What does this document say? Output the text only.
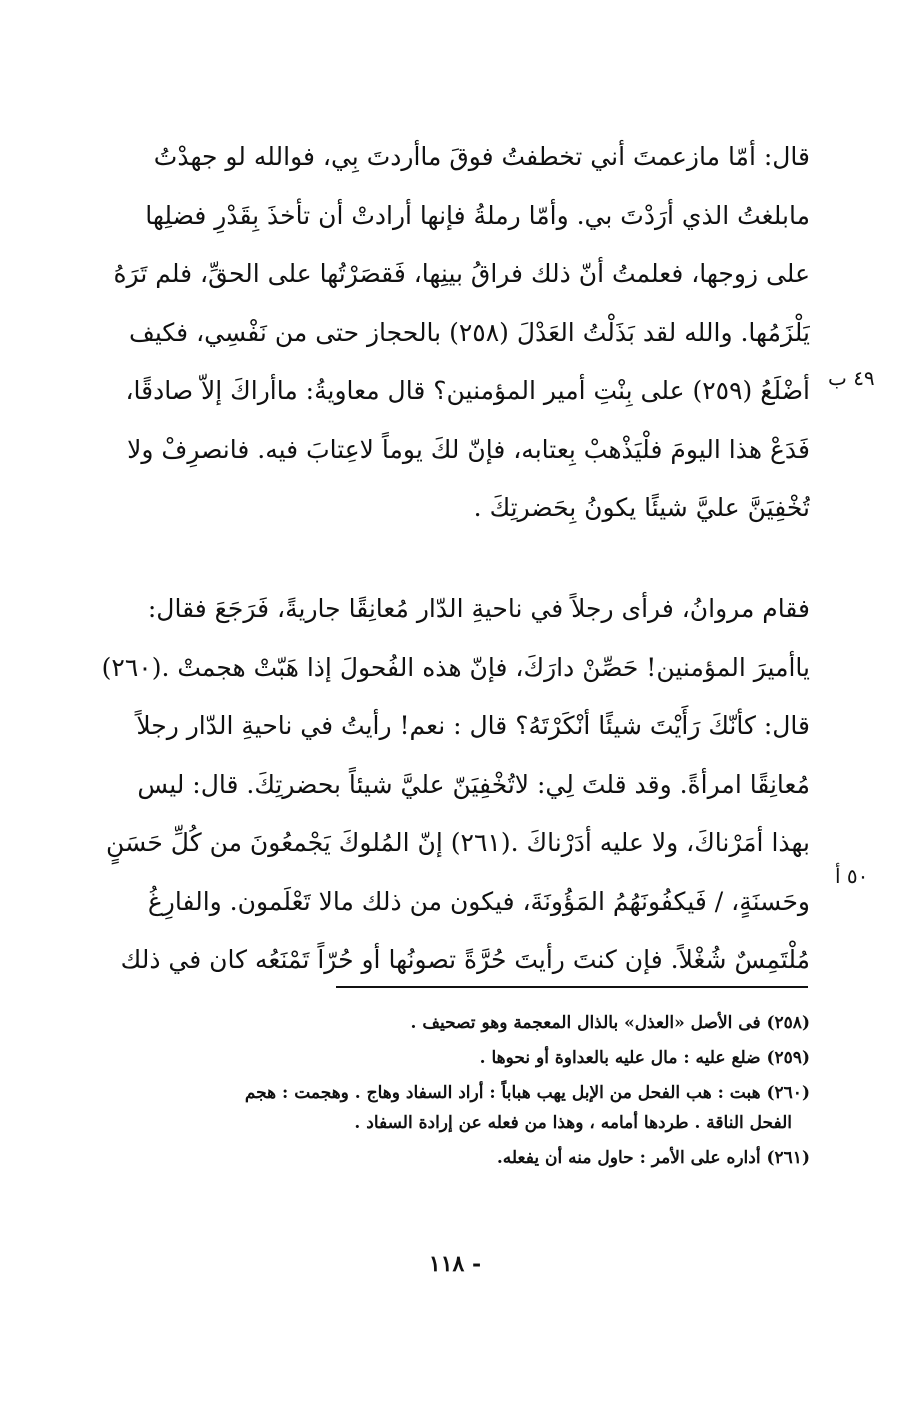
قال: أمّا مازعمتَ أني تخطفتُ فوقَ ماأردتَ بِي، فوالله لو جهدْتُ
مابلغتُ الذي أرَدْتَ بي. وأمّا رملةُ فإنها أرادتْ أن تأخذَ بِقَدْرِ فضلِها
على زوجها، فعلمتُ أنّ ذلك فراقُ بينِها، فَقصَرْتُها على الحقِّ، فلم تَرَهُ
يَلْزَمُها. والله لقد بَذَلْتُ العَدْلَ (٢٥٨) بالحجاز حتى من نَفْسِي، فكيف
أضْلَعُ (٢٥٩) على بِنْتِ أمير المؤمنين؟ قال معاويةُ: ماأراكَ إلاّ صادقًا،
فَدَعْ هذا اليومَ فلْيَذْهبْ بِعتابه، فإنّ لكَ يوماً لاعِتابَ فيه. فانصرِفْ ولا
تُخْفِيَنَّ عليَّ شيئًا يكونُ بِحَضرتِكَ .
٤٩ ب
فقام مروانُ، فرأى رجلاً في ناحيةِ الدّار مُعانِقًا جاريةً، فَرَجَعَ فقال:
ياأميرَ المؤمنين! حَصِّنْ دارَكَ، فإنّ هذه الفُحولَ إذا هَبّتْ هجمتْ .(٢٦٠)
قال: كأنّكَ رَأَيْتَ شيئًا أنْكَرْتَهُ؟ قال : نعم! رأيتُ في ناحيةِ الدّار رجلاً
مُعانِقًا امرأةً. وقد قلتَ لِي: لاتُخْفِيَنّ عليَّ شيئاً بحضرتِكَ. قال: ليس
بهذا أمَرْناكَ، ولا عليه أدَرْناكَ .(٢٦١) إنّ المُلوكَ يَجْمعُونَ من كُلِّ حَسَنٍ
وحَسنَةٍ، / فَيكفُونَهُمُ المَؤُونَةَ، فيكون من ذلك مالا تَعْلَمون. والفارِغُ
مُلْتَمِسٌ شُغْلاً. فإن كنتَ رأيتَ حُرَّةً تصونُها أو حُرّاً تَمْنَعُه كان في ذلك
٥٠ أ
(٢٥٨) فى الأصل «العذل» بالذال المعجمة وهو تصحيف .
(٢٥٩) ضلع عليه : مال عليه بالعداوة أو نحوها .
(٢٦٠) هبت : هب الفحل من الإبل يهب هباباً : أراد السفاد وهاج . وهجمت : هجم
الفحل الناقة . طردها أمامه ، وهذا من فعله عن إرادة السفاد .
(٢٦١) أداره على الأمر : حاول منه أن يفعله.
- ١١٨
